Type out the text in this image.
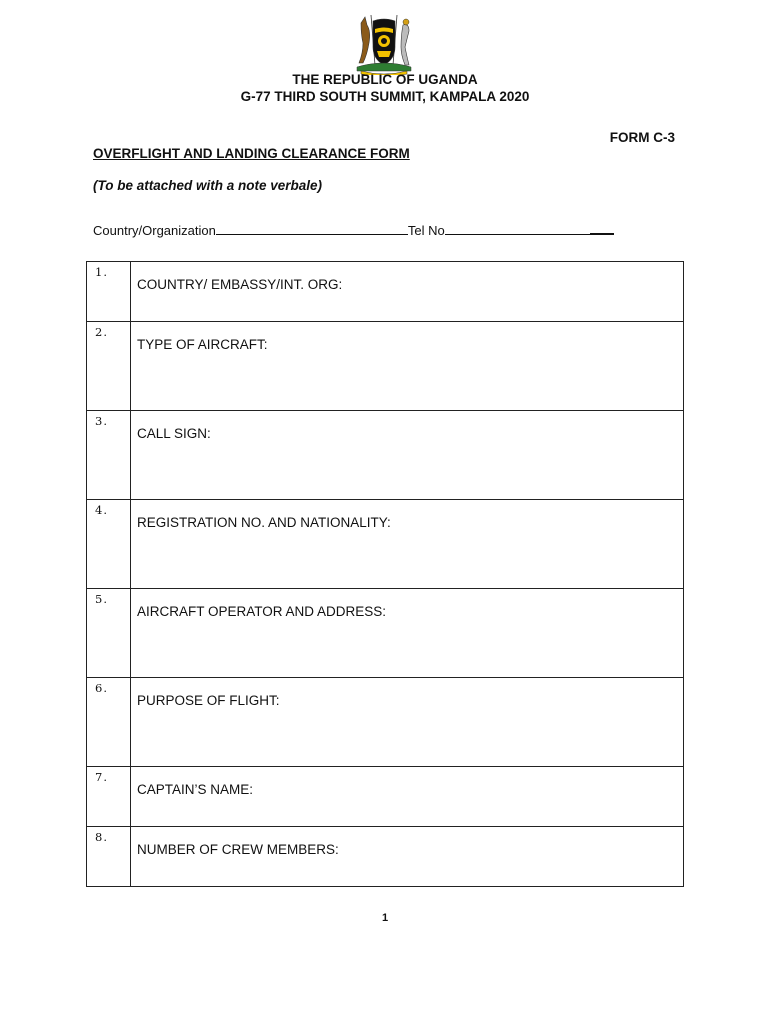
THE REPUBLIC OF UGANDA
G-77 THIRD SOUTH SUMMIT, KAMPALA 2020
FORM C-3
OVERFLIGHT AND LANDING CLEARANCE FORM
(To be attached with a note verbale)
Country/Organization	Tel No
1.	COUNTRY/ EMBASSY/INT. ORG:
2.	TYPE OF AIRCRAFT:
3.	CALL SIGN:
4.	REGISTRATION NO. AND NATIONALITY:
5.	AIRCRAFT OPERATOR AND ADDRESS:
6.	PURPOSE OF FLIGHT:
7.	CAPTAIN’S NAME:
8.	NUMBER OF CREW MEMBERS:
1
